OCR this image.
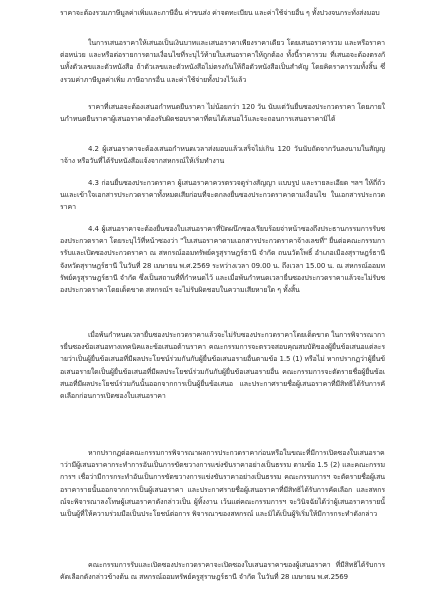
ราคาจะต้องรวมภาษีมูลค่าเพิ่มและภาษีอื่น ค่าขนส่ง ค่าจดทะเบียน และค่าใช้จ่ายอื่น ๆ ทั้งปวงจนกระทั่งส่งมอบ

ในการเสนอราคาให้เสนอเป็นเงินบาทและเสนอราคาเพียงราคาเดียว โดยเสนอราคารวม และหรือราคาต่อหน่วย และหรือต่อรายการตามเงื่อนไขที่ระบุไว้ท้ายใบเสนอราคาให้ถูกต้อง ทั้งนี้ราคารวม ที่เสนอจะต้องตรงกันทั้งตัวเลขและตัวหนังสือ ถ้าตัวเลขและตัวหนังสือไม่ตรงกันให้ถือตัวหนังสือเป็นสำคัญ โดยคิดราคารวมทั้งสิ้น ซึ่งรวมค่าภาษีมูลค่าเพิ่ม ภาษีอากรอื่น และค่าใช้จ่ายทั้งปวงไว้แล้ว

ราคาที่เสนอจะต้องเสนอกำหนดยืนราคา ไม่น้อยกว่า 120 วัน นับแต่วันยื่นซองประกวดราคา โดยภายในกำหนดยืนราคาผู้เสนอราคาต้องรับผิดชอบราคาที่ตนได้เสนอไว้และจะถอนการเสนอราคามิได้

4.2 ผู้เสนอราคาจะต้องเสนอกำหนดเวลาส่งมอบแล้วเสร็จไม่เกิน 120 วันนับถัดจากวันลงนามในสัญญาจ้าง หรือวันที่ได้รับหนังสือแจ้งจากสหกรณ์ให้เริ่มทำงาน

4.3 ก่อนยื่นซองประกวดราคา ผู้เสนอราคาควรตรวจดูร่างสัญญา แบบรูป และรายละเอียด ฯลฯ ให้ถี่ถ้วนและเข้าใจเอกสารประกวดราคาทั้งหมดเสียก่อนที่จะตกลงยื่นซองประกวดราคาตามเงื่อนไข ในเอกสารประกวดราคา

4.4 ผู้เสนอราคาจะต้องยื่นซองใบเสนอราคาที่ปิดผนึกซองเรียบร้อยจ่าหน้าซองถึงประธานกรรมการรับซองประกวดราคา โดยระบุไว้ที่หน้าซองว่า "ใบเสนอราคาตามเอกสารประกวดราคาจ้างเลขที่" ยื่นต่อคณะกรรมการรับและเปิดซองประกวดราคา ณ สหกรณ์ออมทรัพย์ครูสุราษฎร์ธานี จำกัด ถนนวัดโพธิ์ อำเภอเมืองสุราษฎร์ธานี จังหวัดสุราษฎร์ธานี ในวันที่ 28 เมษายน พ.ศ.2569 ระหว่างเวลา 09.00 น. ถึงเวลา 15.00 น. ณ สหกรณ์ออมทรัพย์ครูสุราษฎร์ธานี จำกัด ซึ่งเป็นสถานที่ที่กำหนดไว้ และเมื่อพ้นกำหนดเวลายื่นซองประกวดราคาแล้วจะไม่รับซองประกวดราคาโดยเด็ดขาด สหกรณ์ฯ จะไม่รับผิดชอบในความเสียหายใด ๆ ทั้งสิ้น

เมื่อพ้นกำหนดเวลายื่นซองประกวดราคาแล้วจะไม่รับซองประกวดราคาโดยเด็ดขาด ในการพิจารณาการยื่นซองข้อเสนอทางเทคนิคและข้อเสนอด้านราคา คณะกรรมการจะตรวจสอบคุณสมบัติของผู้ยื่นข้อเสนอแต่ละรายว่าเป็นผู้ยื่นข้อเสนอที่มีผลประโยชน์ร่วมกันกับผู้ยื่นข้อเสนอรายอื่นตามข้อ 1.5 (1) หรือไม่ หากปรากฏว่าผู้ยื่นข้อเสนอรายใดเป็นผู้ยื่นข้อเสนอที่มีผลประโยชน์ร่วมกันกับผู้ยื่นข้อเสนอรายอื่น คณะกรรมการจะตัดรายชื่อผู้ยื่นข้อเสนอที่มีผลประโยชน์ร่วมกันนั้นออกจากการเป็นผู้ยื่นข้อเสนอ และประกาศรายชื่อผู้เสนอราคาที่มีสิทธิได้รับการคัดเลือกก่อนการเปิดซองใบเสนอราคา

หากปรากฏต่อคณะกรรมการพิจารณาผลการประกวดราคาก่อนหรือในขณะที่มีการเปิดซองใบเสนอราคาว่ามีผู้เสนอราคากระทำการอันเป็นการขัดขวางการแข่งขันราคาอย่างเป็นธรรม ตามข้อ 1.5 (2) และคณะกรรมการฯ เชื่อว่ามีการกระทำอันเป็นการขัดขวางการแข่งขันราคาอย่างเป็นธรรม คณะกรรมการฯ จะตัดรายชื่อผู้เสนอราคารายนั้นออกจากการเป็นผู้เสนอราคา และประกาศรายชื่อผู้เสนอราคาที่มีสิทธิได้รับการคัดเลือก และสหกรณ์จะพิจารณาลงโทษผู้เสนอราคาดังกล่าวเป็น ผู้ทิ้งงาน เว้นแต่คณะกรรมการฯ จะวินิจฉัยได้ว่าผู้เสนอราคารายนั้นเป็นผู้ที่ให้ความร่วมมือเป็นประโยชน์ต่อการ พิจารณาของสหกรณ์ และมิได้เป็นผู้ริเริ่มให้มีการกระทำดังกล่าว

คณะกรรมการรับและเปิดซองประกวดราคาจะเปิดซองใบเสนอราคาของผู้เสนอราคา ที่มีสิทธิได้รับการคัดเลือกดังกล่าวข้างต้น ณ สหกรณ์ออมทรัพย์ครูสุราษฎร์ธานี จำกัด ในวันที่ 28 เมษายน พ.ศ.2569
